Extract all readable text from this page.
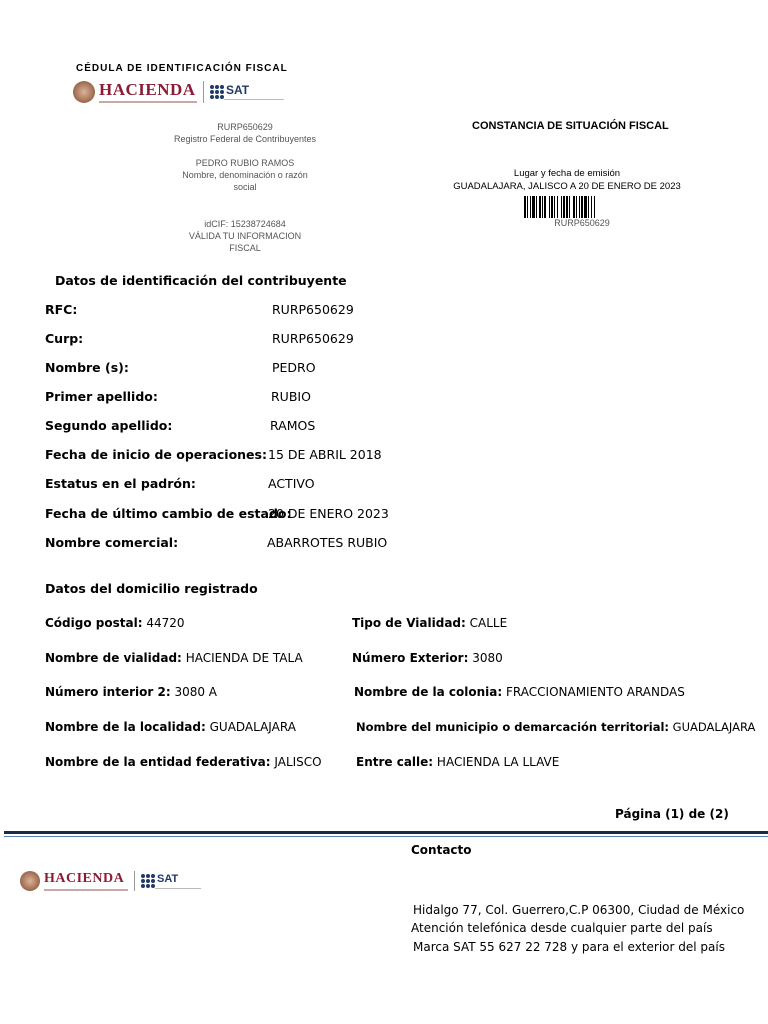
CÉDULA DE IDENTIFICACIÓN FISCAL
HACIENDA	SAT
RURP650629
Registro Federal de Contribuyentes
PEDRO RUBIO RAMOS
Nombre, denominación o razón
social
idCIF: 15238724684
VÁLIDA TU INFORMACION
FISCAL
CONSTANCIA DE SITUACIÓN FISCAL
Lugar y fecha de emisión
GUADALAJARA, JALISCO A 20 DE ENERO DE 2023
RURP650629
Datos de identificación del contribuyente
RFC:	RURP650629
Curp:	RURP650629
Nombre (s):	PEDRO
Primer apellido:	RUBIO
Segundo apellido:	RAMOS
Fecha de inicio de operaciones: 15 DE ABRIL 2018
Estatus en el padrón:	ACTIVO
Fecha de último cambio de estado:
20 DE ENERO 2023
Nombre comercial:	ABARROTES RUBIO
Datos del domicilio registrado
Código postal: 44720	Tipo de Vialidad: CALLE
Nombre de vialidad: HACIENDA DE TALA	Número Exterior: 3080
Número interior 2: 3080 A	Nombre de la colonia: FRACCIONAMIENTO ARANDAS
Nombre de la localidad: GUADALAJARA	Nombre del municipio o demarcación territorial: GUADALAJARA
Nombre de la entidad federativa: JALISCO	Entre calle: HACIENDA LA LLAVE
Página (1) de (2)
Contacto
HACIENDA	SAT
Hidalgo 77, Col. Guerrero,C.P 06300, Ciudad de México
Atención telefónica desde cualquier parte del país
Marca SAT 55 627 22 728 y para el exterior del país
